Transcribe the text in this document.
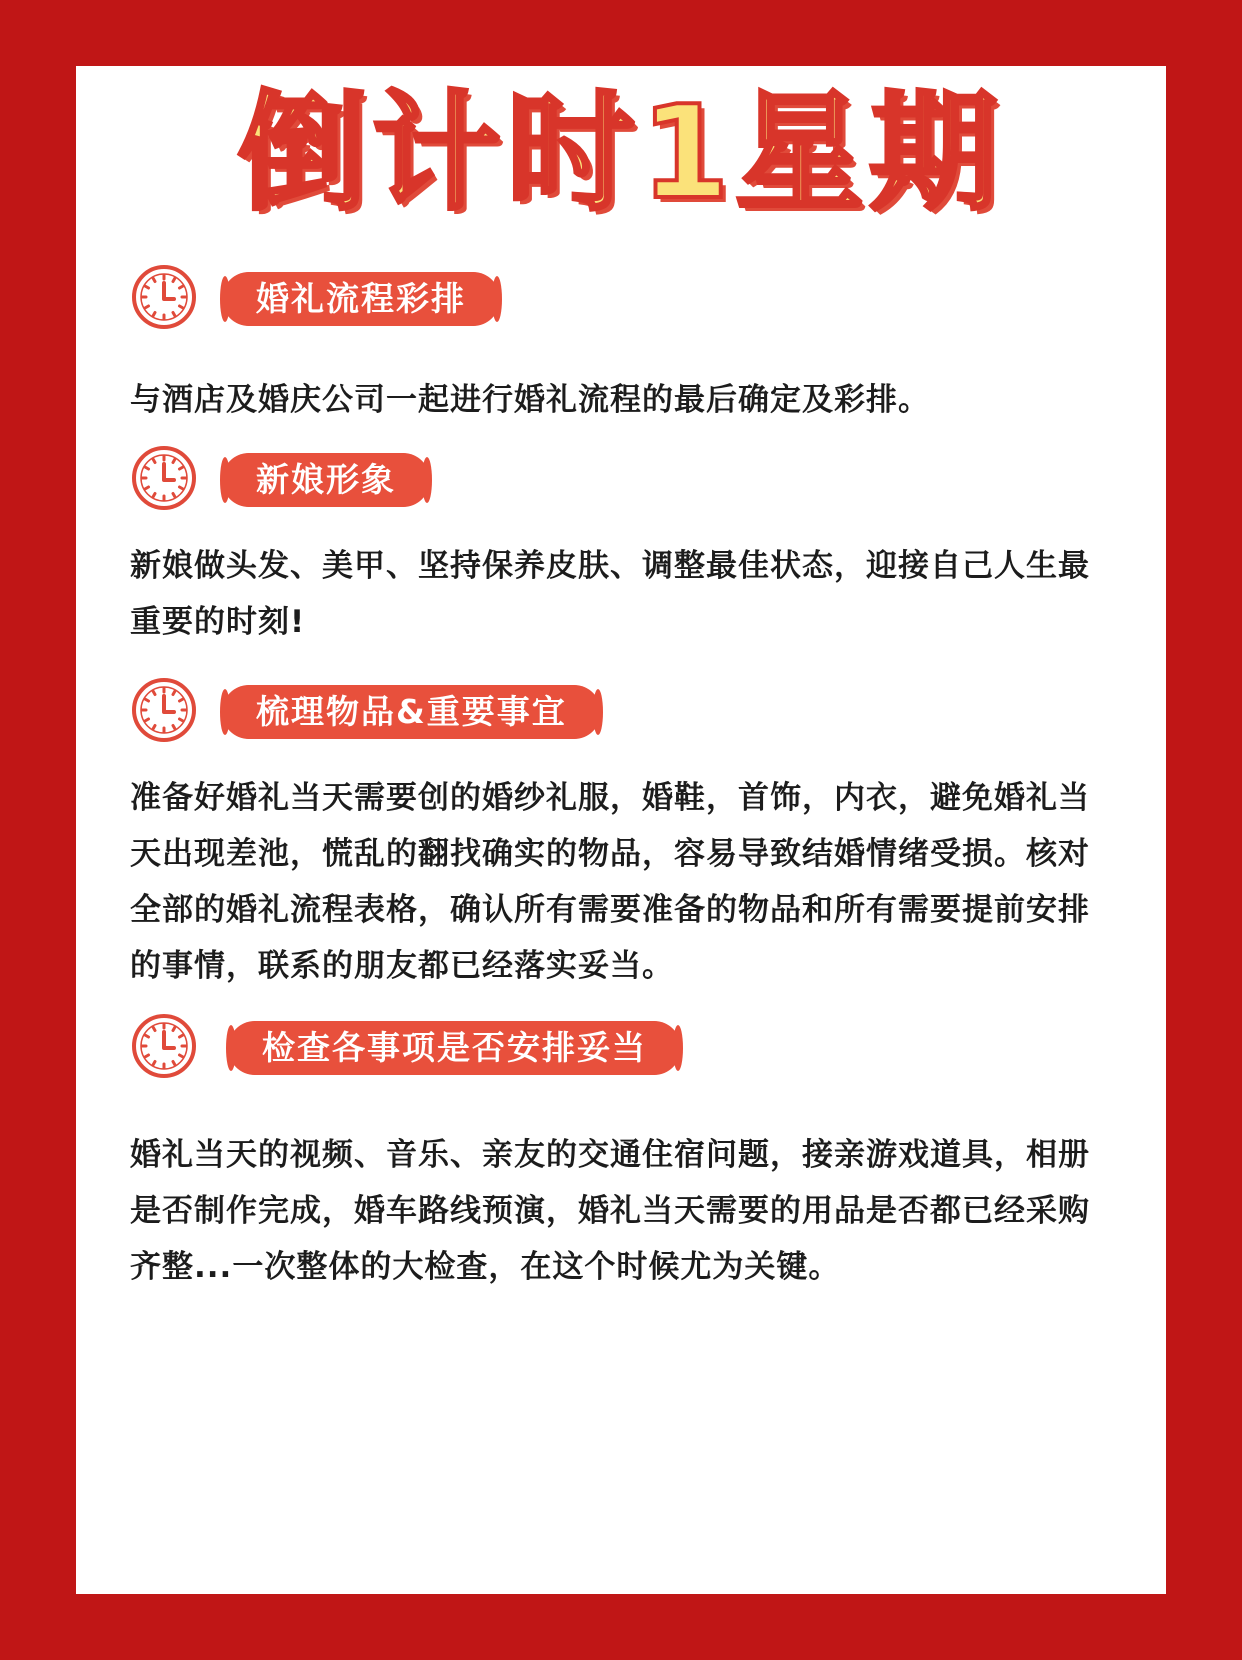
倒计时1星期
婚礼流程彩排

与酒店及婚庆公司一起进行婚礼流程的最后确定及彩排。

新娘形象

新娘做头发、美甲、坚持保养皮肤、调整最佳状态，迎接自己人生最重要的时刻!

梳理物品&重要事宜

准备好婚礼当天需要创的婚纱礼服，婚鞋，首饰，内衣，避免婚礼当天出现差池，慌乱的翻找确实的物品，容易导致结婚情绪受损。核对全部的婚礼流程表格，确认所有需要准备的物品和所有需要提前安排的事情，联系的朋友都已经落实妥当。

检查各事项是否安排妥当

婚礼当天的视频、音乐、亲友的交通住宿问题，接亲游戏道具，相册是否制作完成，婚车路线预演，婚礼当天需要的用品是否都已经采购齐整...一次整体的大检查，在这个时候尤为关键。
